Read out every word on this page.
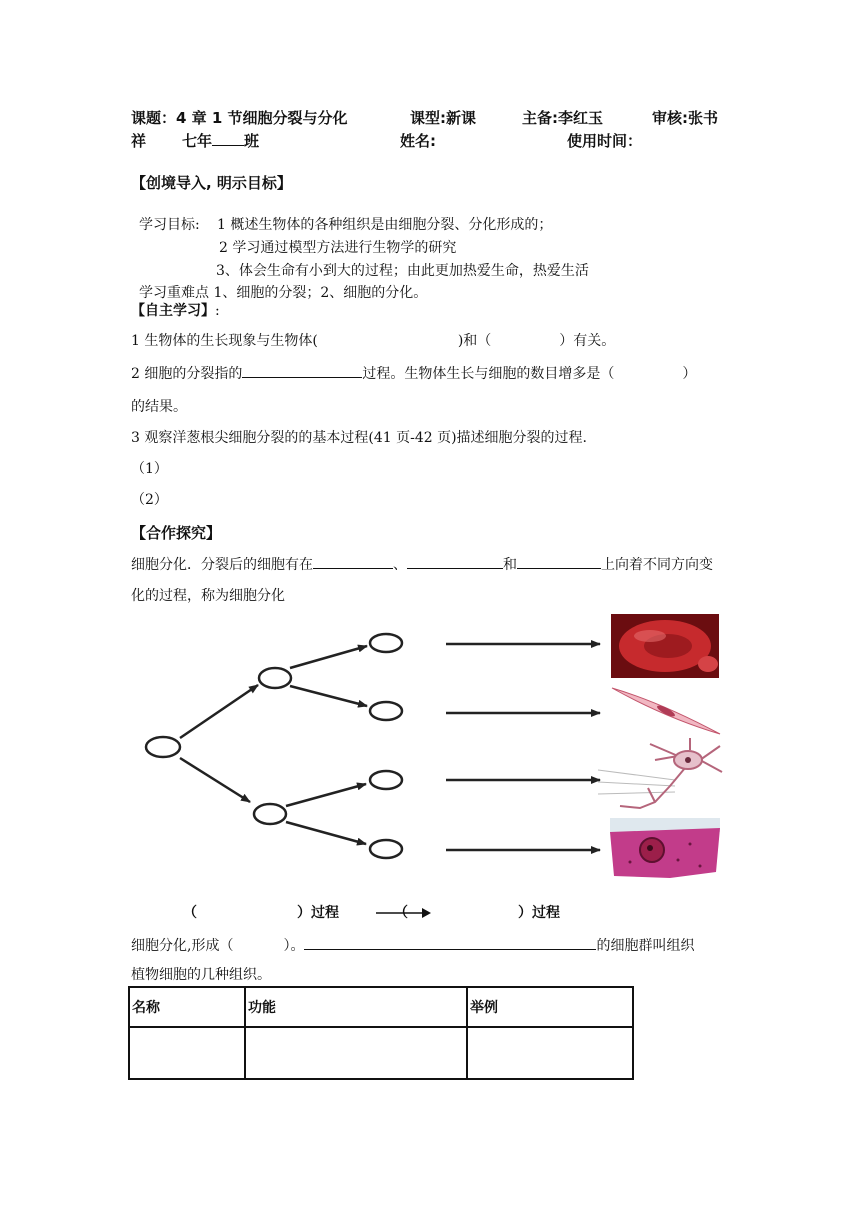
课题：4 章 1 节细胞分裂与分化	课型:新课	主备:李红玉	审核:张书
祥 七年 班	姓名:	使用时间：
【创境导入, 明示目标】
学习目标: 1 概述生物体的各种组织是由细胞分裂、分化形成的；
2 学习通过模型方法进行生物学的研究
3、体会生命有小到大的过程；由此更加热爱生命，热爱生活
学习重难点 1、细胞的分裂；2、细胞的分化。
【自主学习】:
1 生物体的生长现象与生物体(	)和（	）有关。
2 细胞的分裂指的	过程。生物体生长与细胞的数目增多是（	）
的结果。
3 观察洋葱根尖细胞分裂的的基本过程(41 页-42 页)描述细胞分裂的过程.
（1）
（2）
【合作探究】
细胞分化．分裂后的细胞有在	、	和	上向着不同方向变
化的过程，称为细胞分化
（	）过程	（	）过程
细胞分化,形成（	）。	的细胞群叫组织
植物细胞的几种组织。
名称	功能	举例
